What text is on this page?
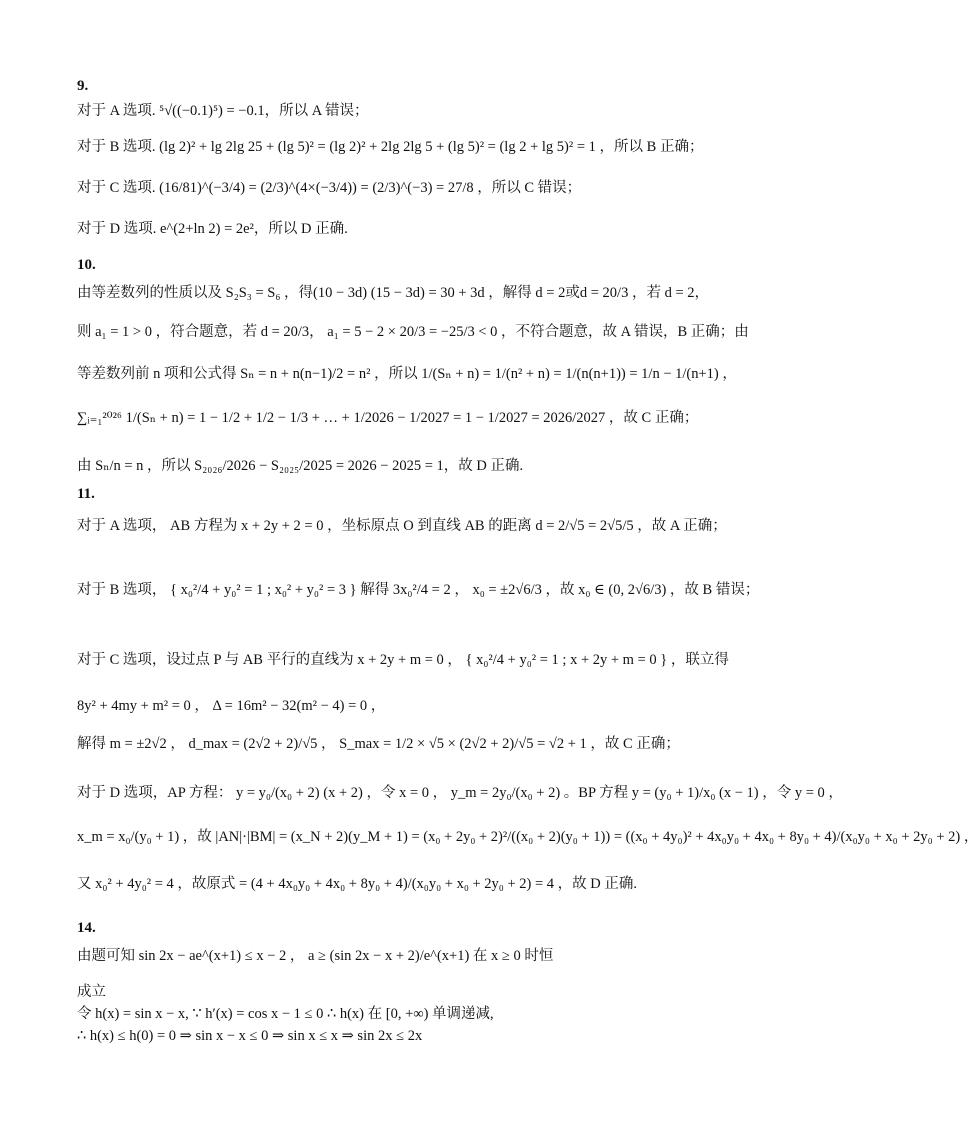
9.
对于 A 选项. ⁵√((−0.1)⁵) = −0.1，所以 A 错误；
对于 B 选项. (lg 2)² + lg 2lg 25 + (lg 5)² = (lg 2)² + 2lg 2lg 5 + (lg 5)² = (lg 2 + lg 5)² = 1 ，所以 B 正确；
对于 C 选项. (16/81)^(−3/4) = (2/3)^(4×(−3/4)) = (2/3)^(−3) = 27/8 ，所以 C 错误；
对于 D 选项. e^(2+ln 2) = 2e²，所以 D 正确.
10.
由等差数列的性质以及 S₂S₃ = S₆ ，得(10 − 3d) (15 − 3d) = 30 + 3d ，解得 d = 2或d = 20/3 ，若 d = 2，
则 a₁ = 1 > 0 ，符合题意，若 d = 20/3， a₁ = 5 − 2 × 20/3 = −25/3 < 0 ，不符合题意，故 A 错误，B 正确；由
等差数列前 n 项和公式得 Sₙ = n + n(n−1)/2 = n² ，所以 1/(Sₙ + n) = 1/(n² + n) = 1/(n(n+1)) = 1/n − 1/(n+1) ，
∑ᵢ₌₁²⁰²⁶ 1/(Sₙ + n) = 1 − 1/2 + 1/2 − 1/3 + … + 1/2026 − 1/2027 = 1 − 1/2027 = 2026/2027 ，故 C 正确；
由 Sₙ/n = n ，所以 S₂₀₂₆/2026 − S₂₀₂₅/2025 = 2026 − 2025 = 1，故 D 正确.
11.
对于 A 选项， AB 方程为 x + 2y + 2 = 0 ，坐标原点 O 到直线 AB 的距离 d = 2/√5 = 2√5/5 ，故 A 正确；
对于 B 选项， { x₀²/4 + y₀² = 1 ; x₀² + y₀² = 3 } 解得 3x₀²/4 = 2 ， x₀ = ±2√6/3 ，故 x₀ ∈ (0, 2√6/3) ，故 B 错误；
对于 C 选项，设过点 P 与 AB 平行的直线为 x + 2y + m = 0 ， { x₀²/4 + y₀² = 1 ; x + 2y + m = 0 } ，联立得
8y² + 4my + m² = 0 ， Δ = 16m² − 32(m² − 4) = 0 ，
解得 m = ±2√2 ， d_max = (2√2 + 2)/√5 ， S_max = 1/2 × √5 × (2√2 + 2)/√5 = √2 + 1 ，故 C 正确；
对于 D 选项，AP 方程： y = y₀/(x₀ + 2) (x + 2) ，令 x = 0 ， y_m = 2y₀/(x₀ + 2) 。BP 方程 y = (y₀ + 1)/x₀ (x − 1) ，令 y = 0 ，
x_m = x₀/(y₀ + 1) ，故 |AN|·|BM| = (x_N + 2)(y_M + 1) = (x₀ + 2y₀ + 2)²/((x₀ + 2)(y₀ + 1)) = ((x₀ + 4y₀)² + 4x₀y₀ + 4x₀ + 8y₀ + 4)/(x₀y₀ + x₀ + 2y₀ + 2) ，
又 x₀² + 4y₀² = 4 ，故原式 = (4 + 4x₀y₀ + 4x₀ + 8y₀ + 4)/(x₀y₀ + x₀ + 2y₀ + 2) = 4 ，故 D 正确.
14.
由题可知 sin 2x − ae^(x+1) ≤ x − 2 ， a ≥ (sin 2x − x + 2)/e^(x+1) 在 x ≥ 0 时恒
成立
令 h(x) = sin x − x, ∵ h′(x) = cos x − 1 ≤ 0 ∴ h(x) 在 [0, +∞) 单调递减,
∴ h(x) ≤ h(0) = 0 ⇒ sin x − x ≤ 0 ⇒ sin x ≤ x ⇒ sin 2x ≤ 2x
